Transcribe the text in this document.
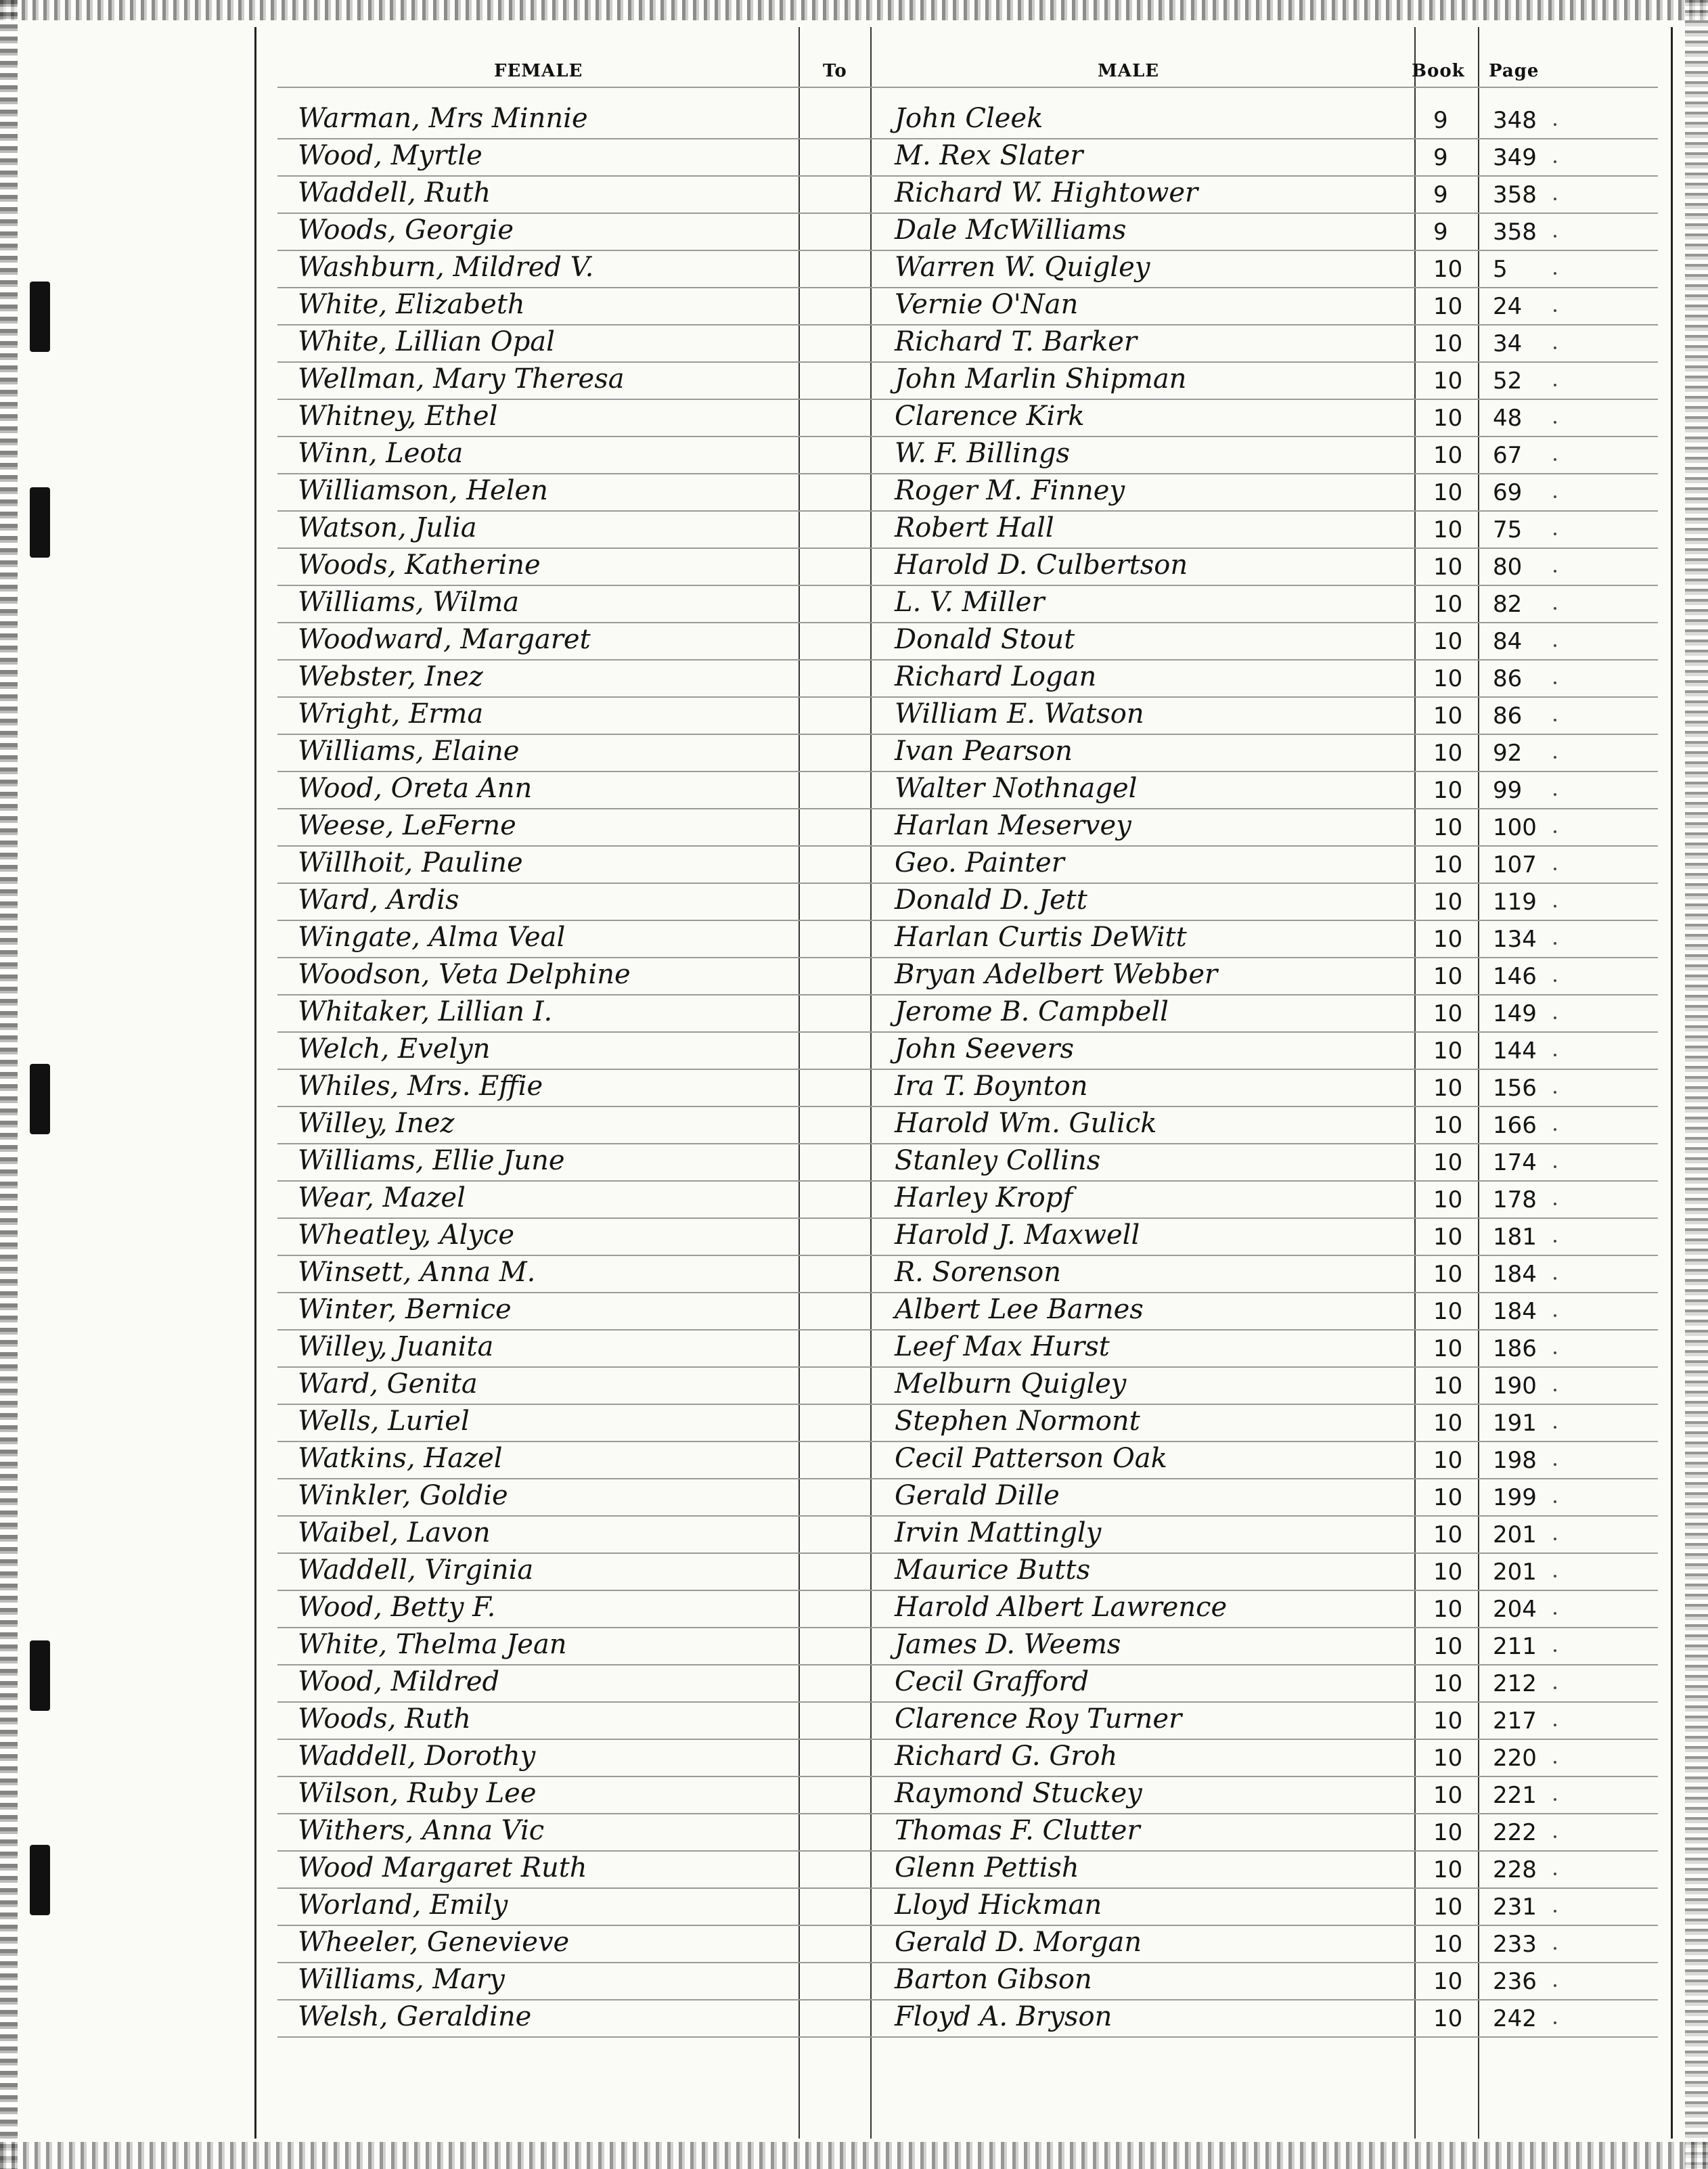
FEMALE	To	MALE	Book Page
Warman, Mrs Minnie	John Cleek	9 348
Wood, Myrtle	M. Rex Slater	9 349
Waddell, Ruth	Richard W. Hightower	9 358
Woods, Georgie	Dale McWilliams	9 358
Washburn, Mildred V.	Warren W. Quigley	10 5
White, Elizabeth	Vernie O'Nan	10 24
White, Lillian Opal	Richard T. Barker	10 34
Wellman, Mary Theresa	John Marlin Shipman	10 52
Whitney, Ethel	Clarence Kirk	10 48
Winn, Leota	W. F. Billings	10 67
Williamson, Helen	Roger M. Finney	10 69
Watson, Julia	Robert Hall	10 75
Woods, Katherine	Harold D. Culbertson	10 80
Williams, Wilma	L. V. Miller	10 82
Woodward, Margaret	Donald Stout	10 84
Webster, Inez	Richard Logan	10 86
Wright, Erma	William E. Watson	10 86
Williams, Elaine	Ivan Pearson	10 92
Wood, Oreta Ann	Walter Nothnagel	10 99
Weese, LeFerne	Harlan Meservey	10 100
Willhoit, Pauline	Geo. Painter	10 107
Ward, Ardis	Donald D. Jett	10 119
Wingate, Alma Veal	Harlan Curtis DeWitt	10 134
Woodson, Veta Delphine	Bryan Adelbert Webber	10 146
Whitaker, Lillian I.	Jerome B. Campbell	10 149
Welch, Evelyn	John Seevers	10 144
Whiles, Mrs. Effie	Ira T. Boynton	10 156
Willey, Inez	Harold Wm. Gulick	10 166
Williams, Ellie June	Stanley Collins	10 174
Wear, Mazel	Harley Kropf	10 178
Wheatley, Alyce	Harold J. Maxwell	10 181
Winsett, Anna M.	R. Sorenson	10 184
Winter, Bernice	Albert Lee Barnes	10 184
Willey, Juanita	Leef Max Hurst	10 186
Ward, Genita	Melburn Quigley	10 190
Wells, Luriel	Stephen Normont	10 191
Watkins, Hazel	Cecil Patterson Oak	10 198
Winkler, Goldie	Gerald Dille	10 199
Waibel, Lavon	Irvin Mattingly	10 201
Waddell, Virginia	Maurice Butts	10 201
Wood, Betty F.	Harold Albert Lawrence	10 204
White, Thelma Jean	James D. Weems	10 211
Wood, Mildred	Cecil Grafford	10 212
Woods, Ruth	Clarence Roy Turner	10 217
Waddell, Dorothy	Richard G. Groh	10 220
Wilson, Ruby Lee	Raymond Stuckey	10 221
Withers, Anna Vic	Thomas F. Clutter	10 222
Wood Margaret Ruth	Glenn Pettish	10 228
Worland, Emily	Lloyd Hickman	10 231
Wheeler, Genevieve	Gerald D. Morgan	10 233
Williams, Mary	Barton Gibson	10 236
Welsh, Geraldine	Floyd A. Bryson	10 242
